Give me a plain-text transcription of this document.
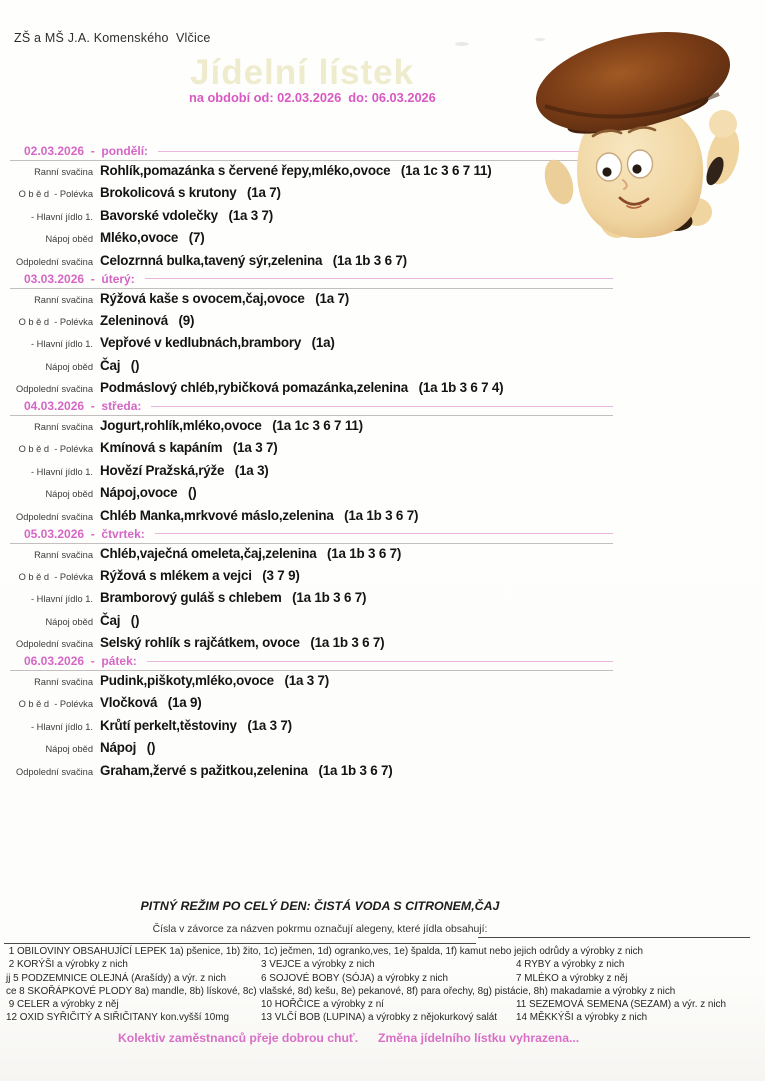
ZŠ a MŠ J.A. Komenského  Vlčice
Jídelní lístek
na období od: 02.03.2026  do: 06.03.2026
02.03.2026  -  pondělí:
Ranní svačina Rohlík,pomazánka s červené řepy,mléko,ovoce   (1a 1c 3 6 7 11)
O b ě d  - Polévka Brokolicová s krutony   (1a 7)
- Hlavní jídlo 1. Bavorské vdolečky   (1a 3 7)
Nápoj oběd Mléko,ovoce   (7)
Odpolední svačina Celozrnná bulka,tavený sýr,zelenina   (1a 1b 3 6 7)
03.03.2026  -  úterý:
Ranní svačina Rýžová kaše s ovocem,čaj,ovoce   (1a 7)
O b ě d  - Polévka Zeleninová   (9)
- Hlavní jídlo 1. Vepřové v kedlubnách,brambory   (1a)
Nápoj oběd Čaj   ()
Odpolední svačina Podmáslový chléb,rybičková pomazánka,zelenina   (1a 1b 3 6 7 4)
04.03.2026  -  středa:
Ranní svačina Jogurt,rohlík,mléko,ovoce   (1a 1c 3 6 7 11)
O b ě d  - Polévka Kmínová s kapáním   (1a 3 7)
- Hlavní jídlo 1. Hovězí Pražská,rýže   (1a 3)
Nápoj oběd Nápoj,ovoce   ()
Odpolední svačina Chléb Manka,mrkvové máslo,zelenina   (1a 1b 3 6 7)
05.03.2026  -  čtvrtek:
Ranní svačina Chléb,vaječná omeleta,čaj,zelenina   (1a 1b 3 6 7)
O b ě d  - Polévka Rýžová s mlékem a vejci   (3 7 9)
- Hlavní jídlo 1. Bramborový guláš s chlebem   (1a 1b 3 6 7)
Nápoj oběd Čaj   ()
Odpolední svačina Selský rohlík s rajčátkem, ovoce   (1a 1b 3 6 7)
06.03.2026  -  pátek:
Ranní svačina Pudink,piškoty,mléko,ovoce   (1a 3 7)
O b ě d  - Polévka Vločková   (1a 9)
- Hlavní jídlo 1. Krůtí perkelt,těstoviny   (1a 3 7)
Nápoj oběd Nápoj   ()
Odpolední svačina Graham,žervé s pažitkou,zelenina   (1a 1b 3 6 7)
PITNÝ REŽIM PO CELÝ DEN: ČISTÁ VODA S CITRONEM,ČAJ
Čísla v závorce za názven pokrmu označují alegeny, které jídla obsahují:
1 OBILOVINY OBSAHUJÍCÍ LEPEK 1a) pšenice, 1b) žito, 1c) ječmen, 1d) ogranko,ves, 1e) špalda, 1f) kamut nebo jejich odrůdy a výrobky z nich
2 KORÝŠI a výrobky z nich	3 VEJCE a výrobky z nich	4 RYBY a výrobky z nich
jj 5 PODZEMNICE OLEJNÁ (Arašídy) a výr. z nich	6 SOJOVÉ BOBY (SÓJA) a výrobky z nich	7 MLÉKO a výrobky z něj
ce 8 SKOŘÁPKOVÉ PLODY 8a) mandle, 8b) lískové, 8c) vlašské, 8d) kešu, 8e) pekanové, 8f) para ořechy, 8g) pistácie, 8h) makadamie a výrobky z nich
9 CELER a výrobky z něj	10 HOŘČICE a výrobky z ní	11 SEZEMOVÁ SEMENA (SEZAM) a výr. z nich
12 OXID SYŘIČITÝ A SIŘIČITANY kon.vyšší 10mg	13 VLČÍ BOB (LUPINA) a výrobky z nějokurkový salát	14 MĚKKÝŠI a výrobky z nich
Kolektiv zaměstnanců přeje dobrou chuť. Změna jídelního lístku vyhrazena...
